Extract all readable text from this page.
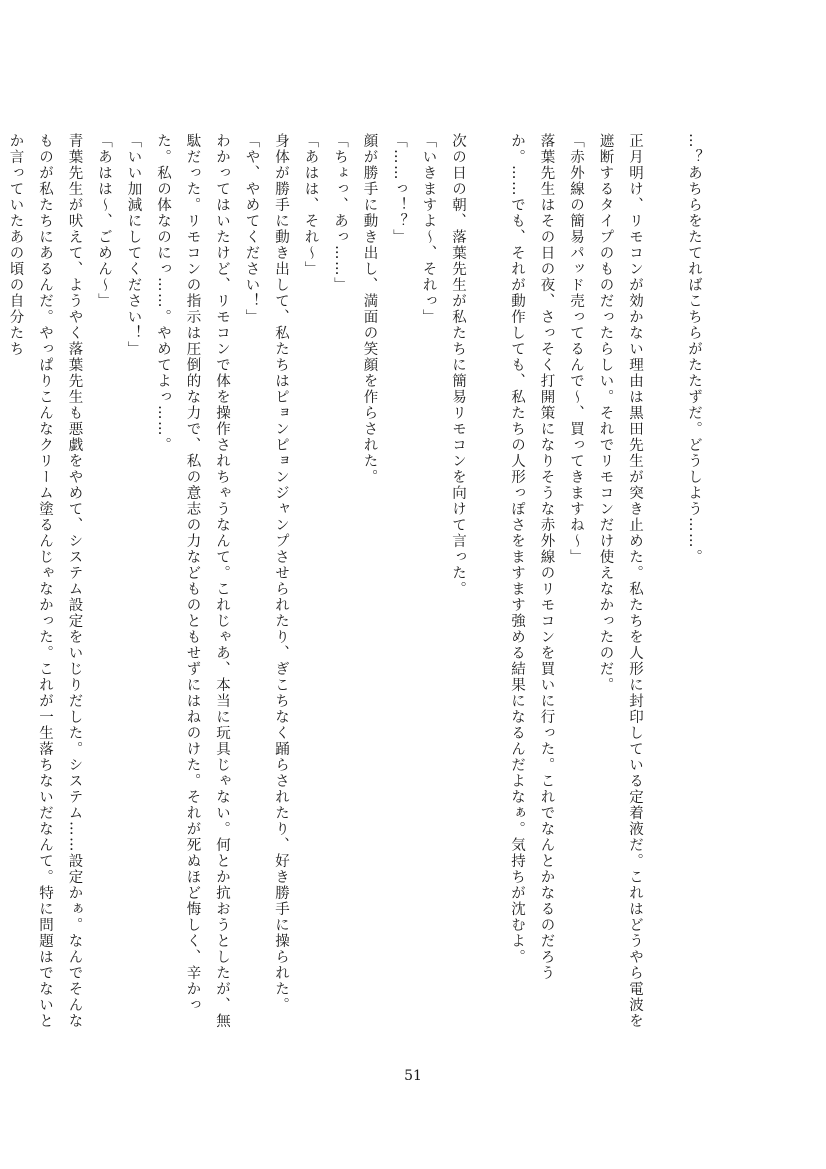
…？あちらをたてればこちらがたたずだ。どうしよう……。
正月明け、リモコンが効かない理由は黒田先生が突き止めた。私たちを人形に封印している定着液だ。これはどうやら電波を遮断するタイプのものだったらしい。それでリモコンだけ使えなかったのだ。
「赤外線の簡易パッド売ってるんで〜、買ってきますね〜」
落葉先生はその日の夜、さっそく打開策になりそうな赤外線のリモコンを買いに行った。これでなんとかなるのだろうか。……でも、それが動作しても、私たちの人形っぽさをますます強める結果になるんだよなぁ。気持ちが沈むよ。
次の日の朝、落葉先生が私たちに簡易リモコンを向けて言った。
「いきますよ〜、それっ」
「……っ！？」
顔が勝手に動き出し、満面の笑顔を作らされた。
「ちょっ、あっ……」
「あはは、それ〜」
身体が勝手に動き出して、私たちはピョンピョンジャンプさせられたり、ぎこちなく踊らされたり、好き勝手に操られた。
「や、やめてください！」
わかってはいたけど、リモコンで体を操作されちゃうなんて。これじゃあ、本当に玩具じゃない。何とか抗おうとしたが、無駄だった。リモコンの指示は圧倒的な力で、私の意志の力などものともせずにはねのけた。それが死ぬほど悔しく、辛かった。私の体なのにっ……。やめてよっ……。
「いい加減にしてください！」
「あはは〜、ごめん〜」
青葉先生が吠えて、ようやく落葉先生も悪戯をやめて、システム設定をいじりだした。システム……設定かぁ。なんでそんなものが私たちにあるんだ。やっぱりこんなクリーム塗るんじゃなかった。これが一生落ちないだなんて。特に問題はでないとか言っていたあの頃の自分たち
51
